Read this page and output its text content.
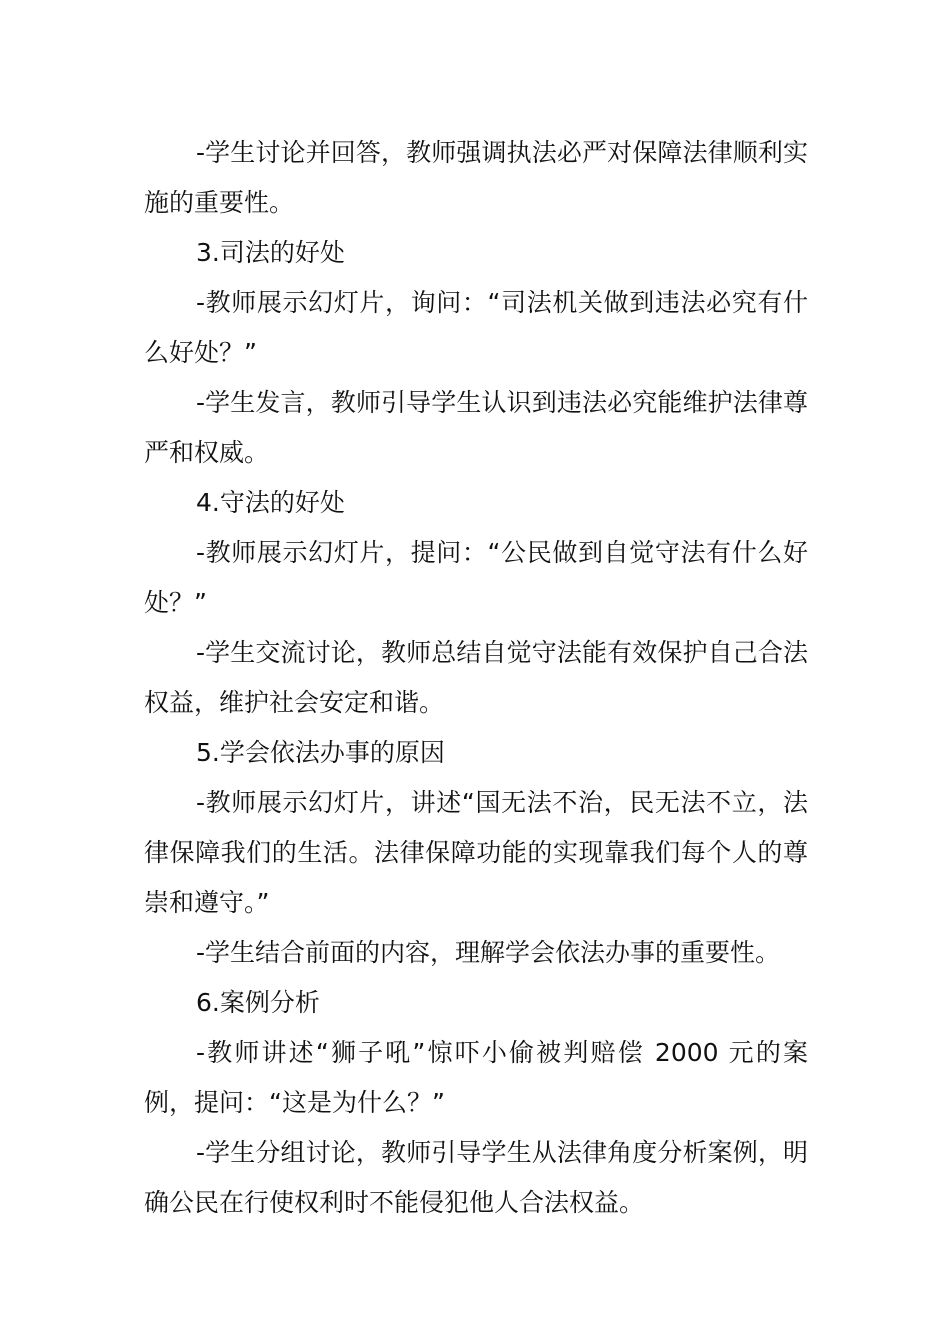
-学生讨论并回答，教师强调执法必严对保障法律顺利实施的重要性。

3.司法的好处

-教师展示幻灯片，询问：“司法机关做到违法必究有什么好处？”

-学生发言，教师引导学生认识到违法必究能维护法律尊严和权威。

4.守法的好处

-教师展示幻灯片，提问：“公民做到自觉守法有什么好处？”

-学生交流讨论，教师总结自觉守法能有效保护自己合法权益，维护社会安定和谐。

5.学会依法办事的原因

-教师展示幻灯片，讲述“国无法不治，民无法不立，法律保障我们的生活。法律保障功能的实现靠我们每个人的尊崇和遵守。”

-学生结合前面的内容，理解学会依法办事的重要性。

6.案例分析

-教师讲述“狮子吼”惊吓小偷被判赔偿 2000 元的案例，提问：“这是为什么？”

-学生分组讨论，教师引导学生从法律角度分析案例，明确公民在行使权利时不能侵犯他人合法权益。
